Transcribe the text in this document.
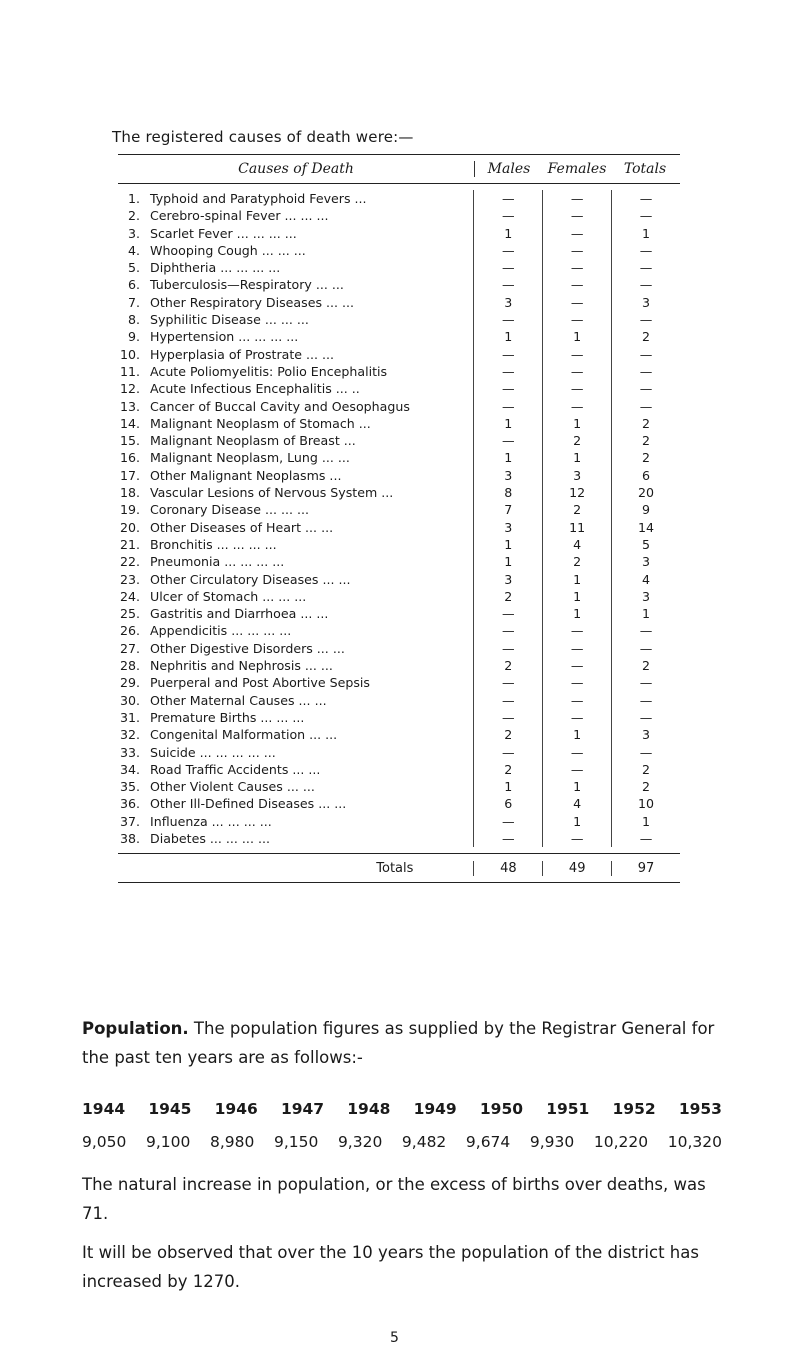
The registered causes of death were:—
Causes of Death	Males	Females	Totals
1. Typhoid and Paratyphoid Fevers ...	—	—	—
2. Cerebro-spinal Fever ... ... ...	—	—	—
3. Scarlet Fever ... ... ... ...	1	—	1
4. Whooping Cough ... ... ...	—	—	—
5. Diphtheria ... ... ... ...	—	—	—
6. Tuberculosis—Respiratory ... ...	—	—	—
7. Other Respiratory Diseases ... ...	3	—	3
8. Syphilitic Disease ... ... ...	—	—	—
9. Hypertension ... ... ... ...	1	1	2
10. Hyperplasia of Prostrate ... ...	—	—	—
11. Acute Poliomyelitis: Polio Encephalitis	—	—	—
12. Acute Infectious Encephalitis ... ..	—	—	—
13. Cancer of Buccal Cavity and Oesophagus	—	—	—
14. Malignant Neoplasm of Stomach ...	1	1	2
15. Malignant Neoplasm of Breast ...	—	2	2
16. Malignant Neoplasm, Lung ... ...	1	1	2
17. Other Malignant Neoplasms ...	3	3	6
18. Vascular Lesions of Nervous System ...	8	12	20
19. Coronary Disease ... ... ...	7	2	9
20. Other Diseases of Heart ... ...	3	11	14
21. Bronchitis ... ... ... ...	1	4	5
22. Pneumonia ... ... ... ...	1	2	3
23. Other Circulatory Diseases ... ...	3	1	4
24. Ulcer of Stomach ... ... ...	2	1	3
25. Gastritis and Diarrhoea ... ...	—	1	1
26. Appendicitis ... ... ... ...	—	—	—
27. Other Digestive Disorders ... ...	—	—	—
28. Nephritis and Nephrosis ... ...	2	—	2
29. Puerperal and Post Abortive Sepsis	—	—	—
30. Other Maternal Causes ... ...	—	—	—
31. Premature Births ... ... ...	—	—	—
32. Congenital Malformation ... ...	2	1	3
33. Suicide ... ... ... ... ...	—	—	—
34. Road Traffic Accidents ... ...	2	—	2
35. Other Violent Causes ... ...	1	1	2
36. Other Ill-Defined Diseases ... ...	6	4	10
37. Influenza ... ... ... ...	—	1	1
38. Diabetes ... ... ... ...	—	—	—
Totals	48	49	97
Population. The population figures as supplied by the Registrar General for the past ten years are as follows:-
1944 1945 1946 1947 1948 1949 1950 1951 1952 1953
9,050 9,100 8,980 9,150 9,320 9,482 9,674 9,930 10,220 10,320
The natural increase in population, or the excess of births over deaths, was 71.
It will be observed that over the 10 years the population of the district has increased by 1270.
5
